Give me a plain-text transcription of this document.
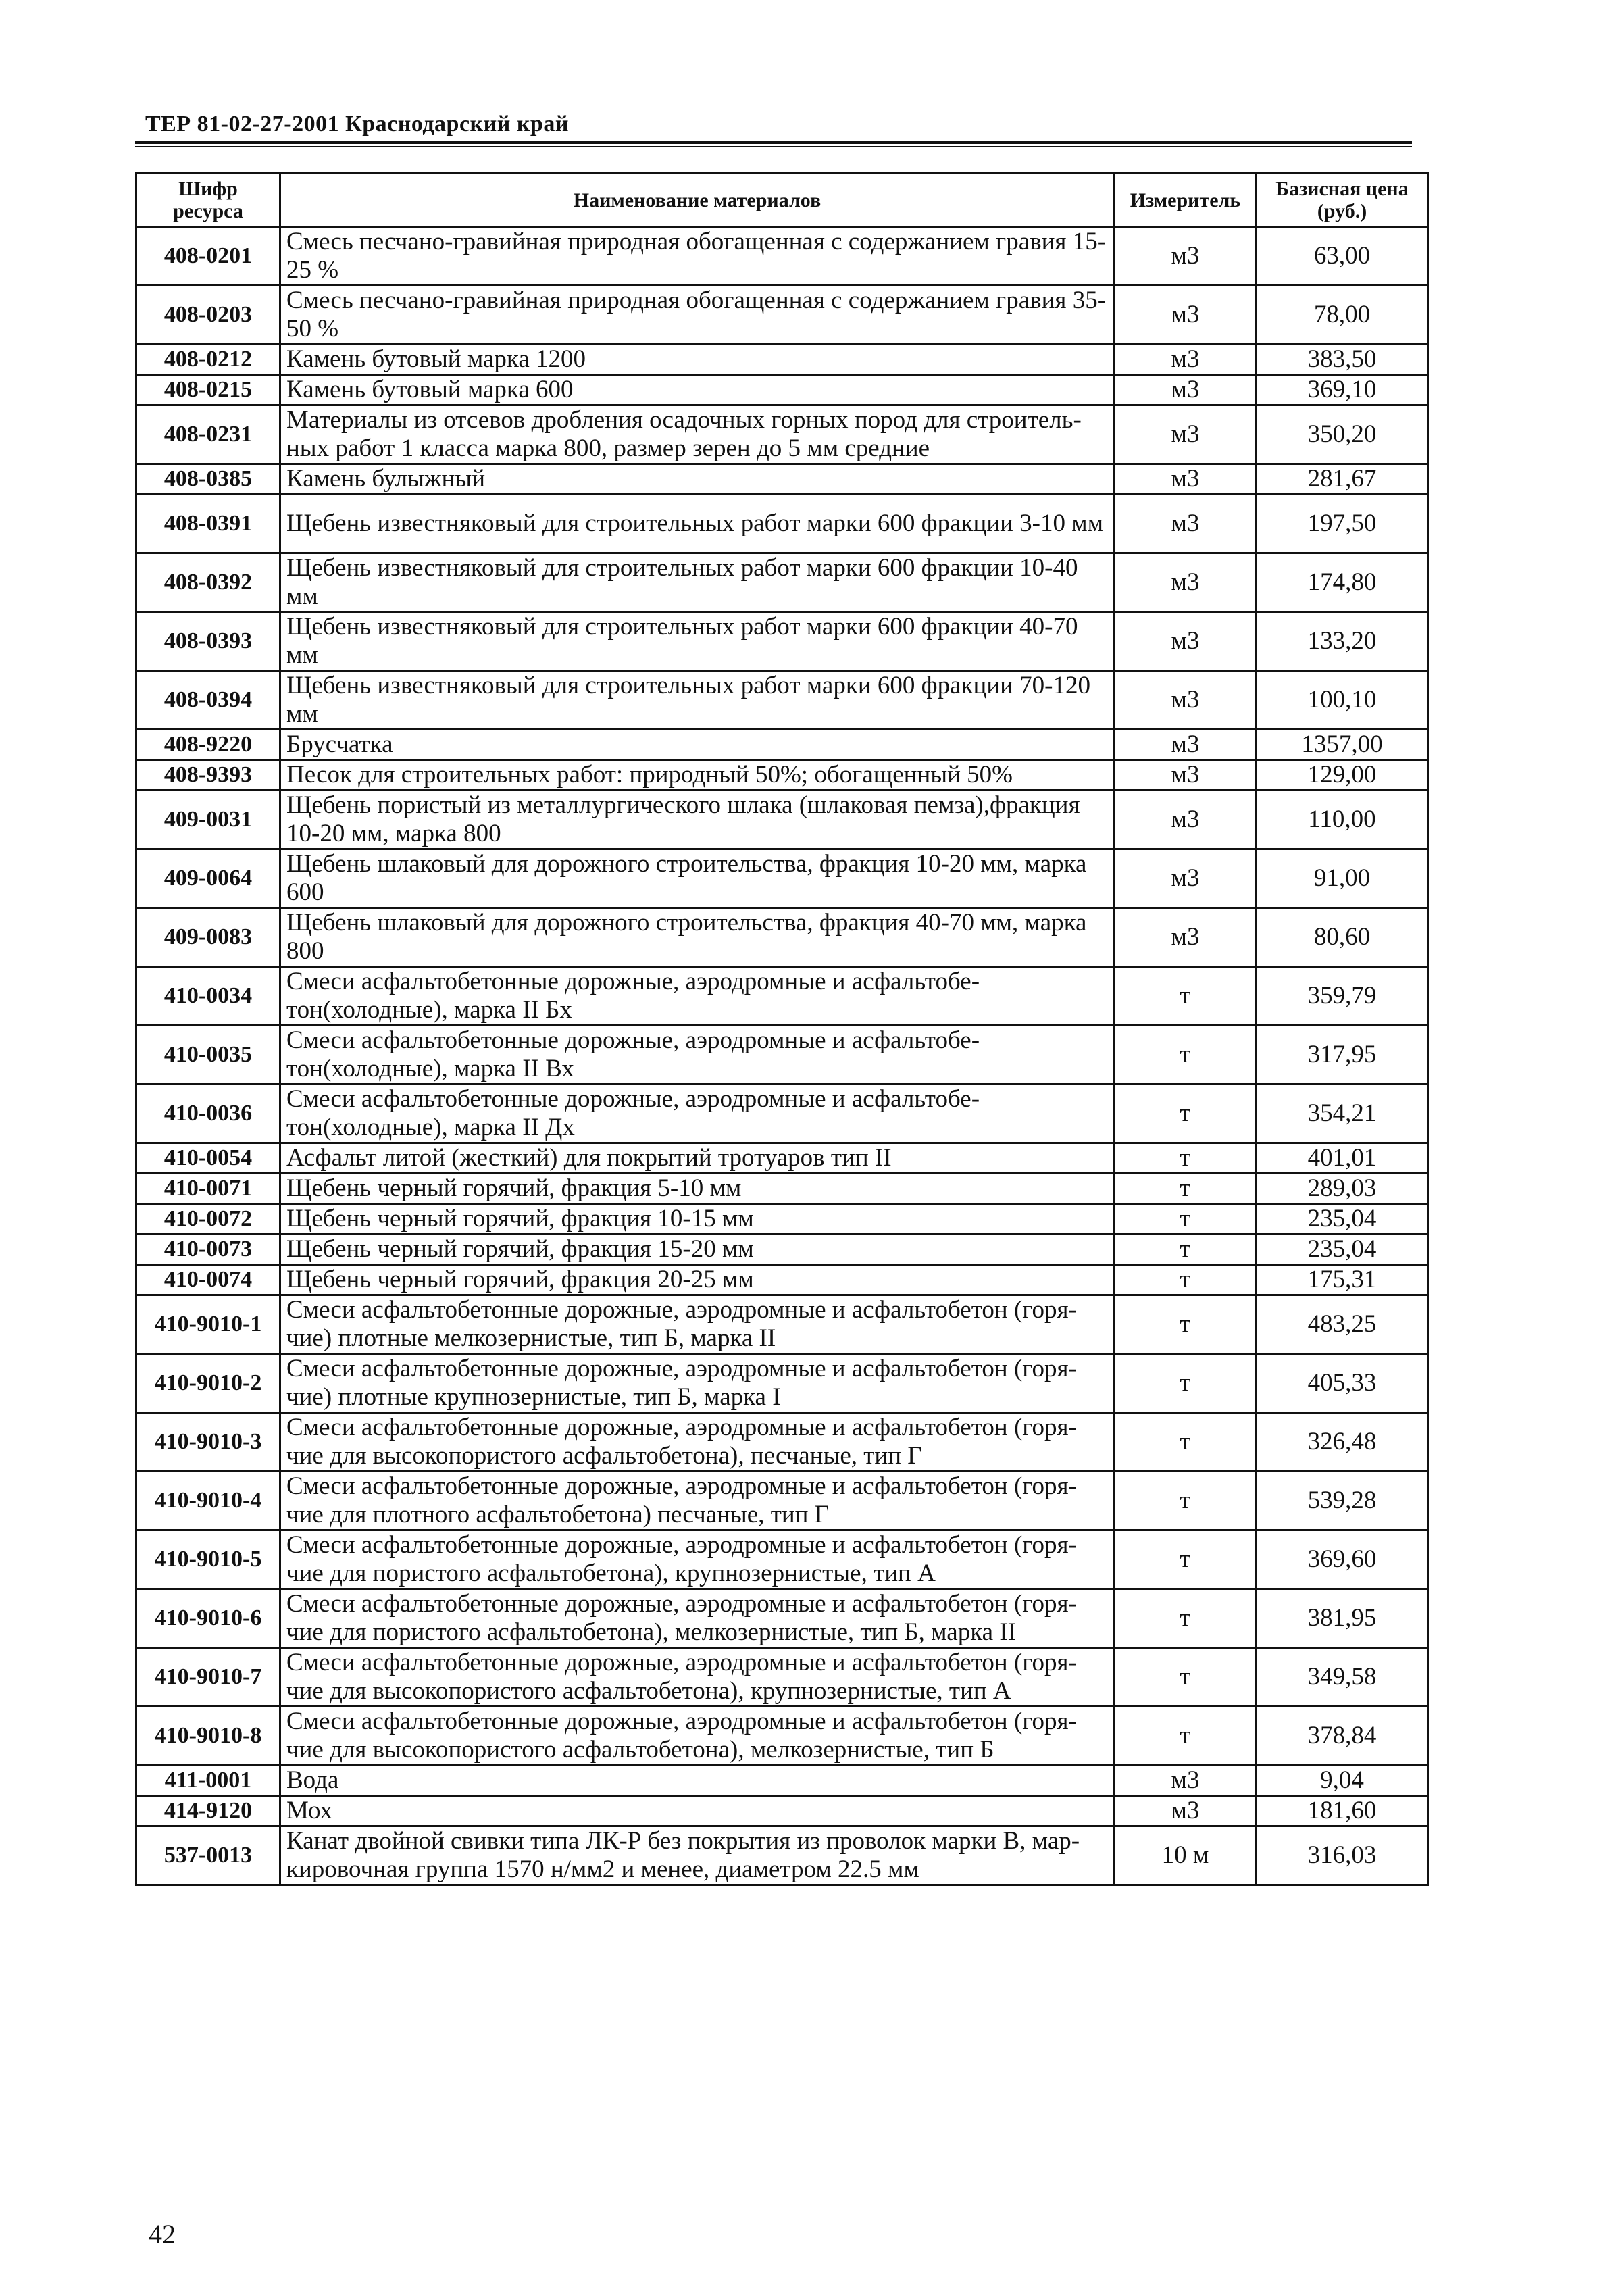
ТЕР 81-02-27-2001 Краснодарский край
Шифр ресурса	Наименование материалов	Измеритель	Базисная цена (руб.)
408-0201	Смесь песчано-гравийная природная обогащенная с содержанием гравия 15-25 %	м3	63,00
408-0203	Смесь песчано-гравийная природная обогащенная с содержанием гравия 35-50 %	м3	78,00
408-0212	Камень бутовый марка 1200	м3	383,50
408-0215	Камень бутовый марка 600	м3	369,10
408-0231	Материалы из отсевов дробления осадочных горных пород для строитель-ных работ 1 класса марка 800, размер зерен до 5 мм средние	м3	350,20
408-0385	Камень булыжный	м3	281,67
408-0391	Щебень известняковый для строительных работ марки 600 фракции 3-10 мм	м3	197,50
408-0392	Щебень известняковый для строительных работ марки 600 фракции 10-40 мм	м3	174,80
408-0393	Щебень известняковый для строительных работ марки 600 фракции 40-70 мм	м3	133,20
408-0394	Щебень известняковый для строительных работ марки 600 фракции 70-120 мм	м3	100,10
408-9220	Брусчатка	м3	1357,00
408-9393	Песок для строительных работ: природный 50%; обогащенный 50%	м3	129,00
409-0031	Щебень пористый из металлургического шлака (шлаковая пемза),фракция 10-20 мм, марка 800	м3	110,00
409-0064	Щебень шлаковый для дорожного строительства, фракция 10-20 мм, марка 600	м3	91,00
409-0083	Щебень шлаковый для дорожного строительства, фракция 40-70 мм, марка 800	м3	80,60
410-0034	Смеси асфальтобетонные дорожные, аэродромные и асфальтобе-тон(холодные), марка II Бх	т	359,79
410-0035	Смеси асфальтобетонные дорожные, аэродромные и асфальтобе-тон(холодные), марка II Вх	т	317,95
410-0036	Смеси асфальтобетонные дорожные, аэродромные и асфальтобе-тон(холодные), марка II Дх	т	354,21
410-0054	Асфальт литой (жесткий) для покрытий тротуаров тип II	т	401,01
410-0071	Щебень черный горячий, фракция 5-10 мм	т	289,03
410-0072	Щебень черный горячий, фракция 10-15 мм	т	235,04
410-0073	Щебень черный горячий, фракция 15-20 мм	т	235,04
410-0074	Щебень черный горячий, фракция 20-25 мм	т	175,31
410-9010-1	Смеси асфальтобетонные дорожные, аэродромные и асфальтобетон (горя-чие) плотные мелкозернистые, тип Б, марка II	т	483,25
410-9010-2	Смеси асфальтобетонные дорожные, аэродромные и асфальтобетон (горя-чие) плотные крупнозернистые, тип Б, марка I	т	405,33
410-9010-3	Смеси асфальтобетонные дорожные, аэродромные и асфальтобетон (горя-чие для высокопористого асфальтобетона), песчаные, тип Г	т	326,48
410-9010-4	Смеси асфальтобетонные дорожные, аэродромные и асфальтобетон (горя-чие для плотного асфальтобетона) песчаные, тип Г	т	539,28
410-9010-5	Смеси асфальтобетонные дорожные, аэродромные и асфальтобетон (горя-чие для пористого асфальтобетона), крупнозернистые, тип А	т	369,60
410-9010-6	Смеси асфальтобетонные дорожные, аэродромные и асфальтобетон (горя-чие для пористого асфальтобетона), мелкозернистые, тип Б, марка II	т	381,95
410-9010-7	Смеси асфальтобетонные дорожные, аэродромные и асфальтобетон (горя-чие для высокопористого асфальтобетона), крупнозернистые, тип А	т	349,58
410-9010-8	Смеси асфальтобетонные дорожные, аэродромные и асфальтобетон (горя-чие для высокопористого асфальтобетона), мелкозернистые, тип Б	т	378,84
411-0001	Вода	м3	9,04
414-9120	Мох	м3	181,60
537-0013	Канат двойной свивки типа ЛК-Р без покрытия из проволок марки В, мар-кировочная группа 1570 н/мм2 и менее, диаметром 22.5 мм	10 м	316,03
42
